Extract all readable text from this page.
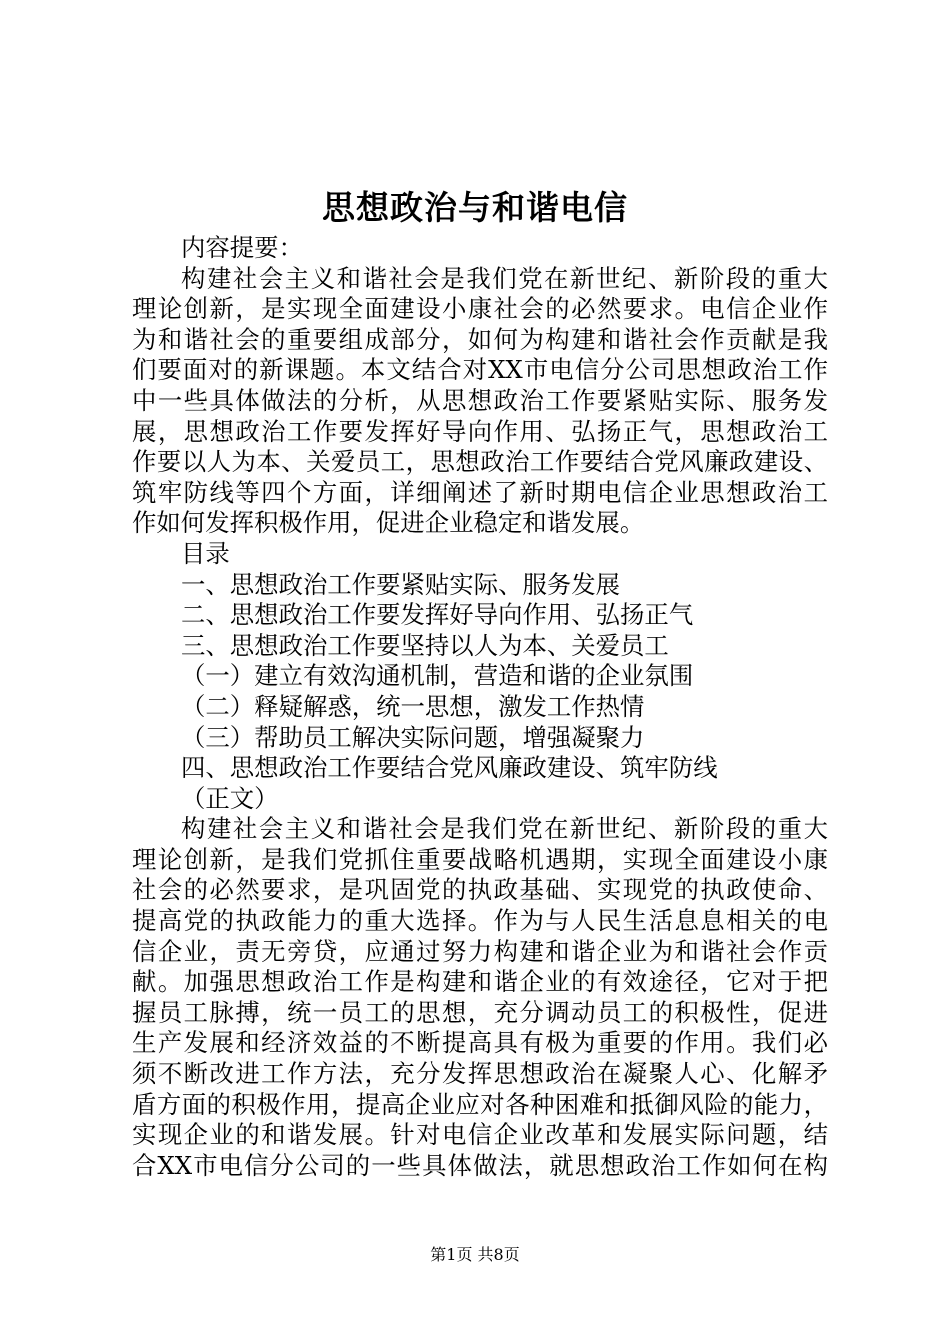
思想政治与和谐电信
内容提要：
构建社会主义和谐社会是我们党在新世纪、新阶段的重大
理论创新，是实现全面建设小康社会的必然要求。电信企业作
为和谐社会的重要组成部分，如何为构建和谐社会作贡献是我
们要面对的新课题。本文结合对XX市电信分公司思想政治工作
中一些具体做法的分析，从思想政治工作要紧贴实际、服务发
展，思想政治工作要发挥好导向作用、弘扬正气，思想政治工
作要以人为本、关爱员工，思想政治工作要结合党风廉政建设、
筑牢防线等四个方面，详细阐述了新时期电信企业思想政治工
作如何发挥积极作用，促进企业稳定和谐发展。
目录
一、思想政治工作要紧贴实际、服务发展
二、思想政治工作要发挥好导向作用、弘扬正气
三、思想政治工作要坚持以人为本、关爱员工
（一）建立有效沟通机制，营造和谐的企业氛围
（二）释疑解惑，统一思想，激发工作热情
（三）帮助员工解决实际问题，增强凝聚力
四、思想政治工作要结合党风廉政建设、筑牢防线
（正文）
构建社会主义和谐社会是我们党在新世纪、新阶段的重大
理论创新，是我们党抓住重要战略机遇期，实现全面建设小康
社会的必然要求，是巩固党的执政基础、实现党的执政使命、
提高党的执政能力的重大选择。作为与人民生活息息相关的电
信企业，责无旁贷，应通过努力构建和谐企业为和谐社会作贡
献。加强思想政治工作是构建和谐企业的有效途径，它对于把
握员工脉搏，统一员工的思想，充分调动员工的积极性，促进
生产发展和经济效益的不断提高具有极为重要的作用。我们必
须不断改进工作方法，充分发挥思想政治在凝聚人心、化解矛
盾方面的积极作用，提高企业应对各种困难和抵御风险的能力，
实现企业的和谐发展。针对电信企业改革和发展实际问题，结
合XX市电信分公司的一些具体做法，就思想政治工作如何在构
第1页 共8页
